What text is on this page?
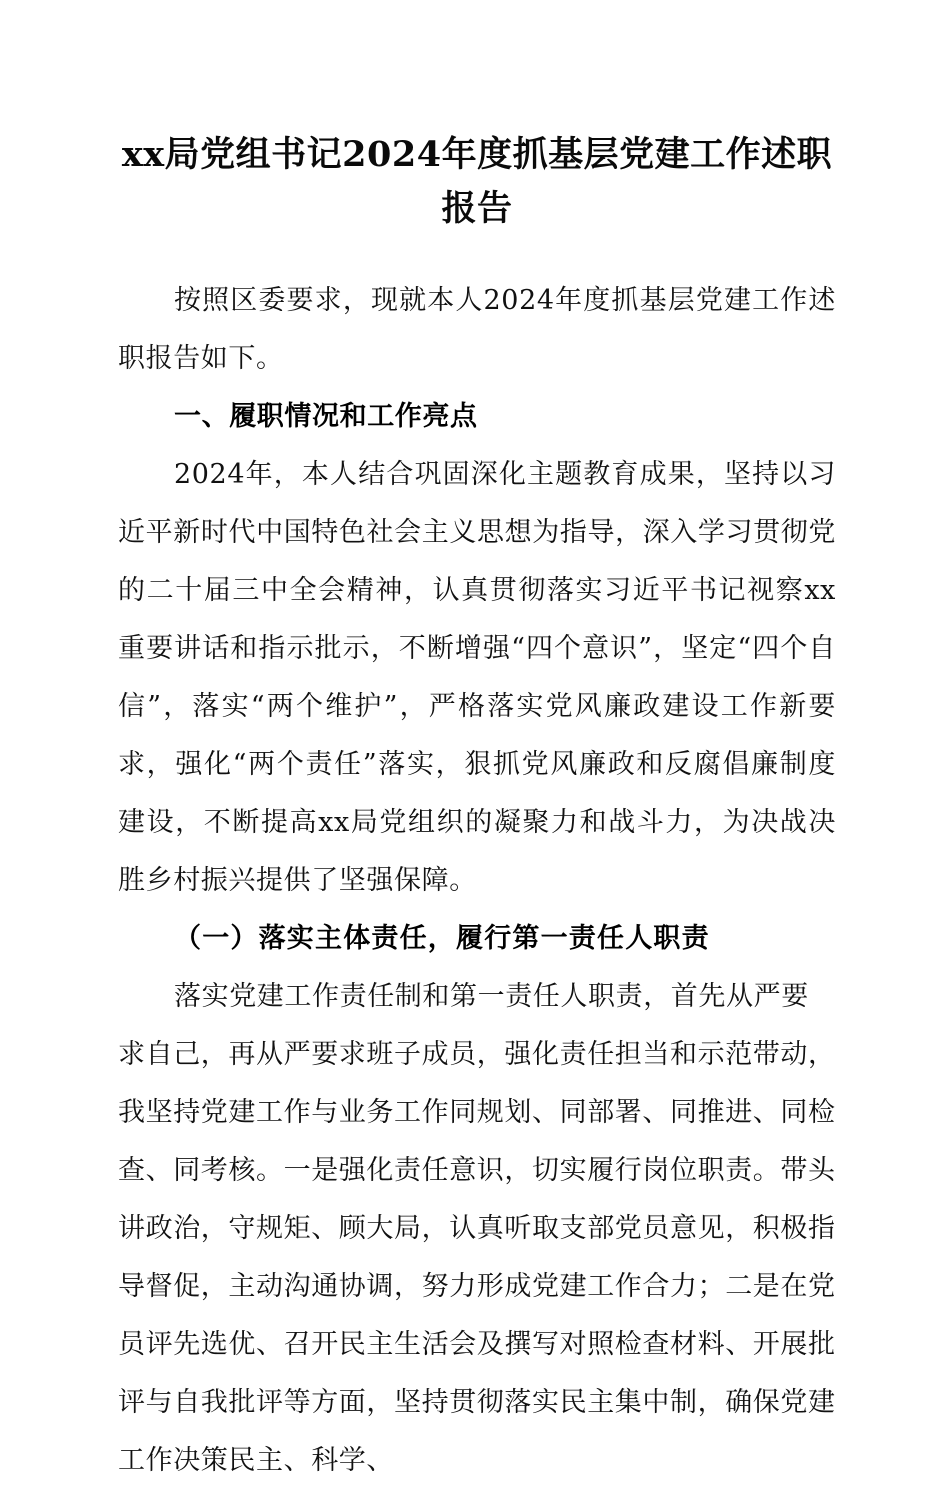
xx局党组书记2024年度抓基层党建工作述职报告

按照区委要求，现就本人2024年度抓基层党建工作述职报告如下。

一、履职情况和工作亮点

2024年，本人结合巩固深化主题教育成果，坚持以习近平新时代中国特色社会主义思想为指导，深入学习贯彻党的二十届三中全会精神，认真贯彻落实习近平书记视察xx重要讲话和指示批示，不断增强“四个意识”，坚定“四个自信”，落实“两个维护”，严格落实党风廉政建设工作新要求，强化“两个责任”落实，狠抓党风廉政和反腐倡廉制度建设，不断提高xx局党组织的凝聚力和战斗力，为决战决胜乡村振兴提供了坚强保障。

（一）落实主体责任，履行第一责任人职责

落实党建工作责任制和第一责任人职责，首先从严要求自己，再从严要求班子成员，强化责任担当和示范带动，我坚持党建工作与业务工作同规划、同部署、同推进、同检查、同考核。一是强化责任意识，切实履行岗位职责。带头讲政治，守规矩、顾大局，认真听取支部党员意见，积极指导督促，主动沟通协调，努力形成党建工作合力；二是在党员评先选优、召开民主生活会及撰写对照检查材料、开展批评与自我批评等方面，坚持贯彻落实民主集中制，确保党建工作决策民主、科学、
